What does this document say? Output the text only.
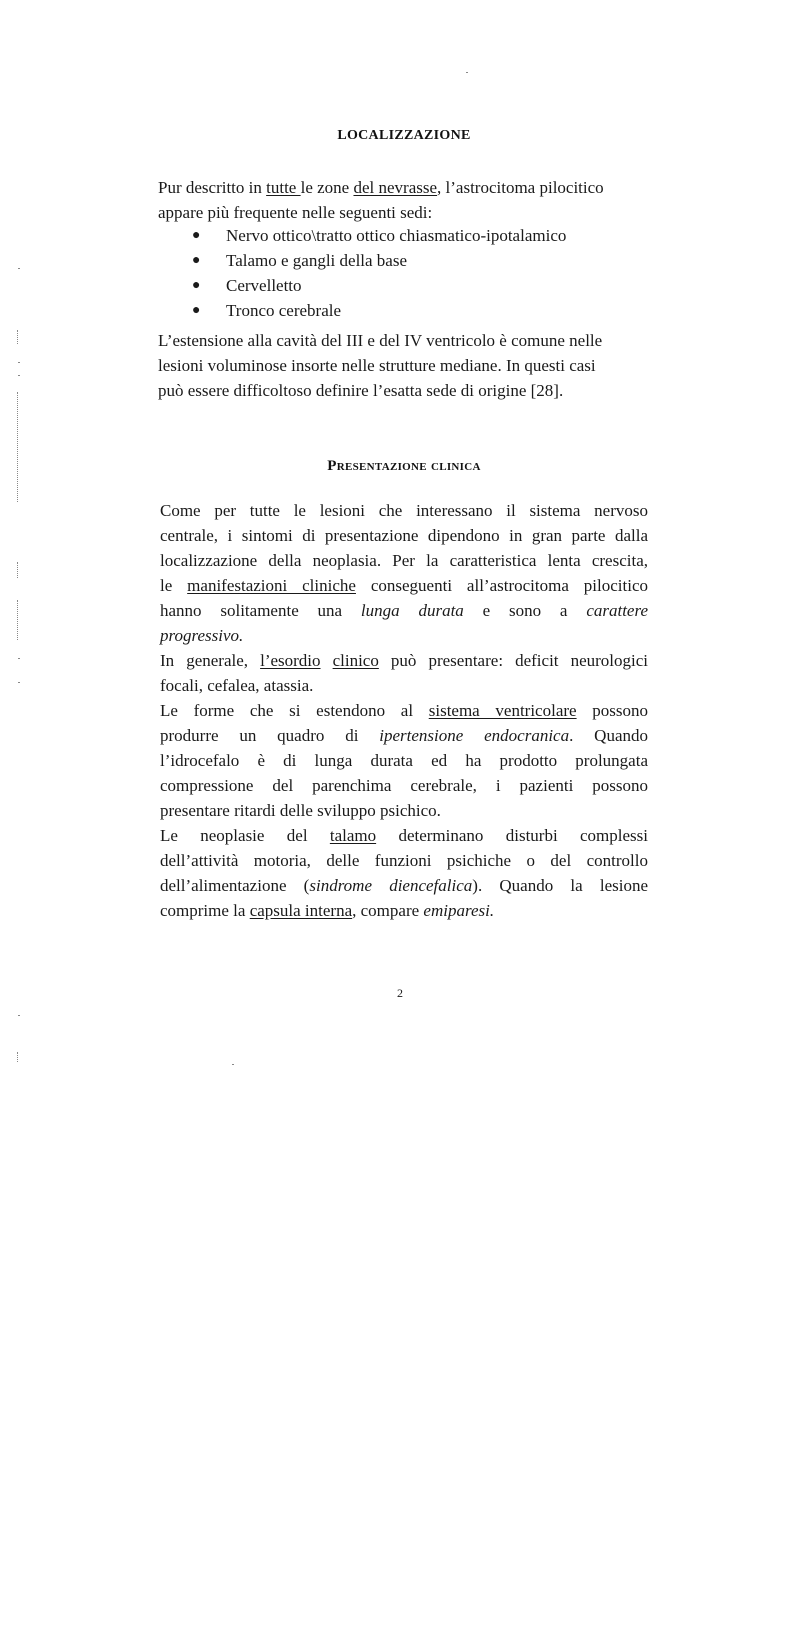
LOCALIZZAZIONE
Pur descritto in tutte le zone del nevrasse, l’astrocitoma pilocitico
appare più frequente nelle seguenti sedi:
● Nervo ottico\tratto ottico chiasmatico-ipotalamico
● Talamo e gangli della base
● Cervelletto
● Tronco cerebrale
L’estensione alla cavità del III e del IV ventricolo è comune nelle
lesioni voluminose insorte nelle strutture mediane. In questi casi
può essere difficoltoso definire l’esatta sede di origine [28].
Presentazione clinica
Come per tutte le lesioni che interessano il sistema nervoso
centrale, i sintomi di presentazione dipendono in gran parte dalla
localizzazione della neoplasia. Per la caratteristica lenta crescita,
le manifestazioni cliniche conseguenti all’astrocitoma pilocitico
hanno solitamente una lunga durata e sono a carattere
progressivo.
In generale, l’esordio clinico può presentare: deficit neurologici
focali, cefalea, atassia.
Le forme che si estendono al sistema ventricolare possono
produrre un quadro di ipertensione endocranica. Quando
l’idrocefalo è di lunga durata ed ha prodotto prolungata
compressione del parenchima cerebrale, i pazienti possono
presentare ritardi delle sviluppo psichico.
Le neoplasie del talamo determinano disturbi complessi
dell’attività motoria, delle funzioni psichiche o del controllo
dell’alimentazione (sindrome diencefalica). Quando la lesione
comprime la capsula interna, compare emiparesi.
2
